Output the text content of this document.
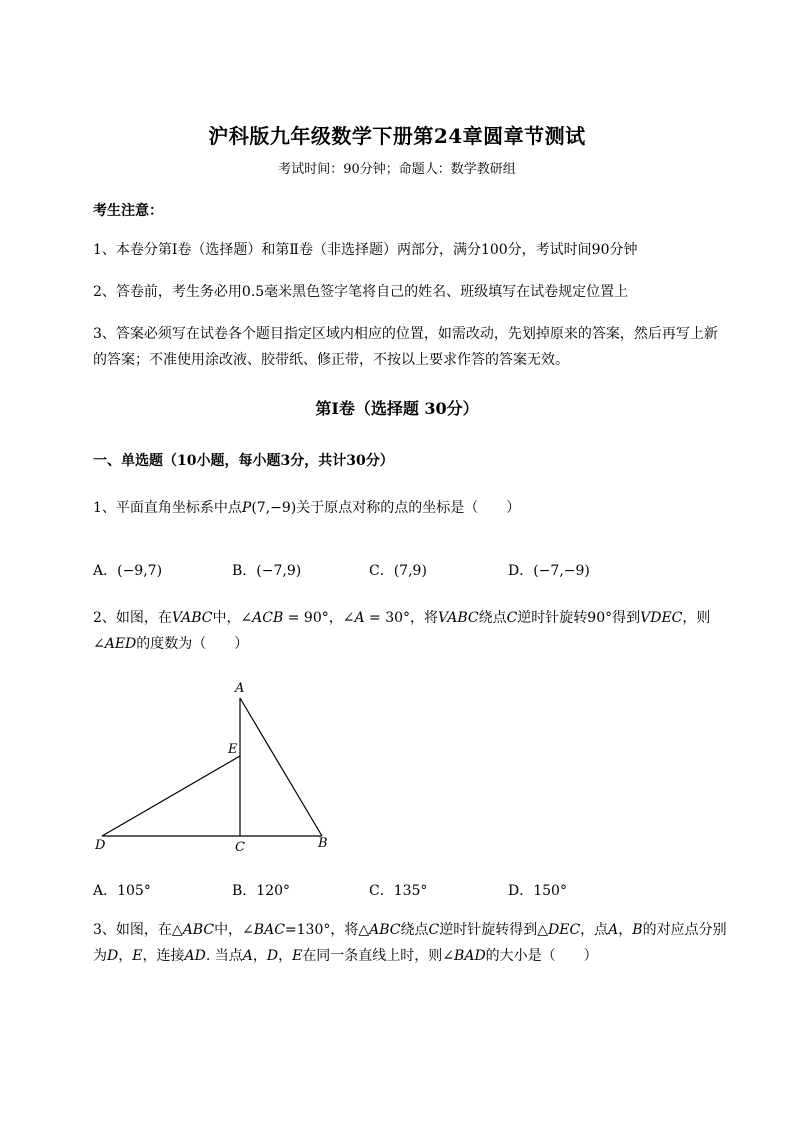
沪科版九年级数学下册第24章圆章节测试
考试时间：90分钟；命题人：数学教研组
考生注意：
1、本卷分第I卷（选择题）和第Ⅱ卷（非选择题）两部分，满分100分，考试时间90分钟
2、答卷前，考生务必用0.5毫米黑色签字笔将自己的姓名、班级填写在试卷规定位置上
3、答案必须写在试卷各个题目指定区域内相应的位置，如需改动，先划掉原来的答案，然后再写上新
的答案；不准使用涂改液、胶带纸、修正带，不按以上要求作答的答案无效。
第I卷（选择题 30分）
一、单选题（10小题，每小题3分，共计30分）
1、平面直角坐标系中点P(7,−9)关于原点对称的点的坐标是（　　）
A．(−9,7)	B．(−7,9)	C．(7,9)	D．(−7,−9)
2、如图，在VABC中，∠ACB = 90°，∠A = 30°，将VABC绕点C逆时针旋转90°得到VDEC，则
∠AED的度数为（　　）
A
E
D	C	B
A．105°	B．120°	C．135°	D．150°
3、如图，在△ABC中，∠BAC=130°，将△ABC绕点C逆时针旋转得到△DEC，点A，B的对应点分别
为D，E，连接AD. 当点A，D，E在同一条直线上时，则∠BAD的大小是（　　）
